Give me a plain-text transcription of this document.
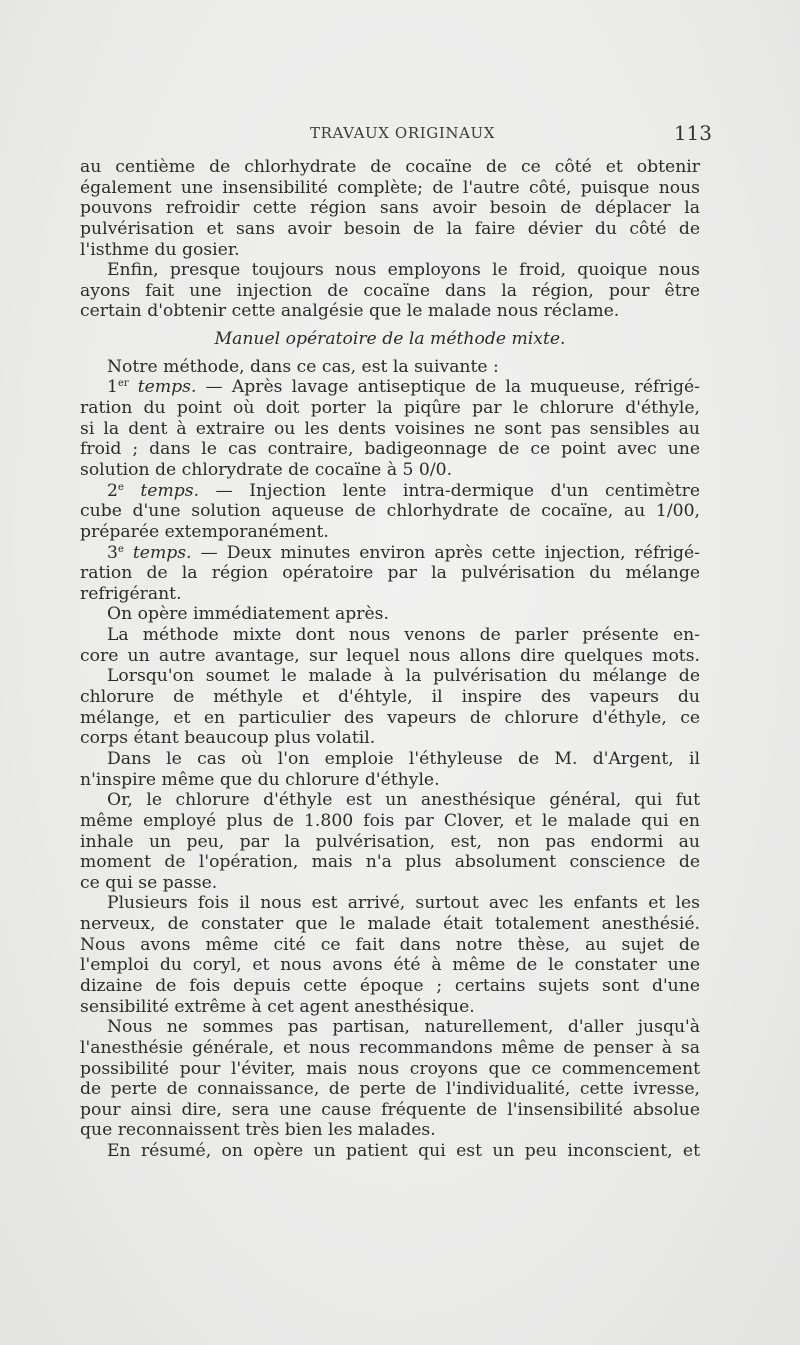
TRAVAUX ORIGINAUX	113
au centième de chlorhydrate de cocaïne de ce côté et obtenir
également une insensibilité complète; de l'autre côté, puisque nous
pouvons refroidir cette région sans avoir besoin de déplacer la
pulvérisation et sans avoir besoin de la faire dévier du côté de
l'isthme du gosier.
Enfin, presque toujours nous employons le froid, quoique nous
ayons fait une injection de cocaïne dans la région, pour être
certain d'obtenir cette analgésie que le malade nous réclame.
Manuel opératoire de la méthode mixte.
Notre méthode, dans ce cas, est la suivante :
1er temps. — Après lavage antiseptique de la muqueuse, réfrigé-
ration du point où doit porter la piqûre par le chlorure d'éthyle,
si la dent à extraire ou les dents voisines ne sont pas sensibles au
froid ; dans le cas contraire, badigeonnage de ce point avec une
solution de chlorydrate de cocaïne à 5 0/0.
2e temps. — Injection lente intra-dermique d'un centimètre
cube d'une solution aqueuse de chlorhydrate de cocaïne, au 1/00,
préparée extemporanément.
3e temps. — Deux minutes environ après cette injection, réfrigé-
ration de la région opératoire par la pulvérisation du mélange
refrigérant.
On opère immédiatement après.
La méthode mixte dont nous venons de parler présente en-
core un autre avantage, sur lequel nous allons dire quelques mots.
Lorsqu'on soumet le malade à la pulvérisation du mélange de
chlorure de méthyle et d'éhtyle, il inspire des vapeurs du
mélange, et en particulier des vapeurs de chlorure d'éthyle, ce
corps étant beaucoup plus volatil.
Dans le cas où l'on emploie l'éthyleuse de M. d'Argent, il
n'inspire même que du chlorure d'éthyle.
Or, le chlorure d'éthyle est un anesthésique général, qui fut
même employé plus de 1.800 fois par Clover, et le malade qui en
inhale un peu, par la pulvérisation, est, non pas endormi au
moment de l'opération, mais n'a plus absolument conscience de
ce qui se passe.
Plusieurs fois il nous est arrivé, surtout avec les enfants et les
nerveux, de constater que le malade était totalement anesthésié.
Nous avons même cité ce fait dans notre thèse, au sujet de
l'emploi du coryl, et nous avons été à même de le constater une
dizaine de fois depuis cette époque ; certains sujets sont d'une
sensibilité extrême à cet agent anesthésique.
Nous ne sommes pas partisan, naturellement, d'aller jusqu'à
l'anesthésie générale, et nous recommandons même de penser à sa
possibilité pour l'éviter, mais nous croyons que ce commencement
de perte de connaissance, de perte de l'individualité, cette ivresse,
pour ainsi dire, sera une cause fréquente de l'insensibilité absolue
que reconnaissent très bien les malades.
En résumé, on opère un patient qui est un peu inconscient, et
